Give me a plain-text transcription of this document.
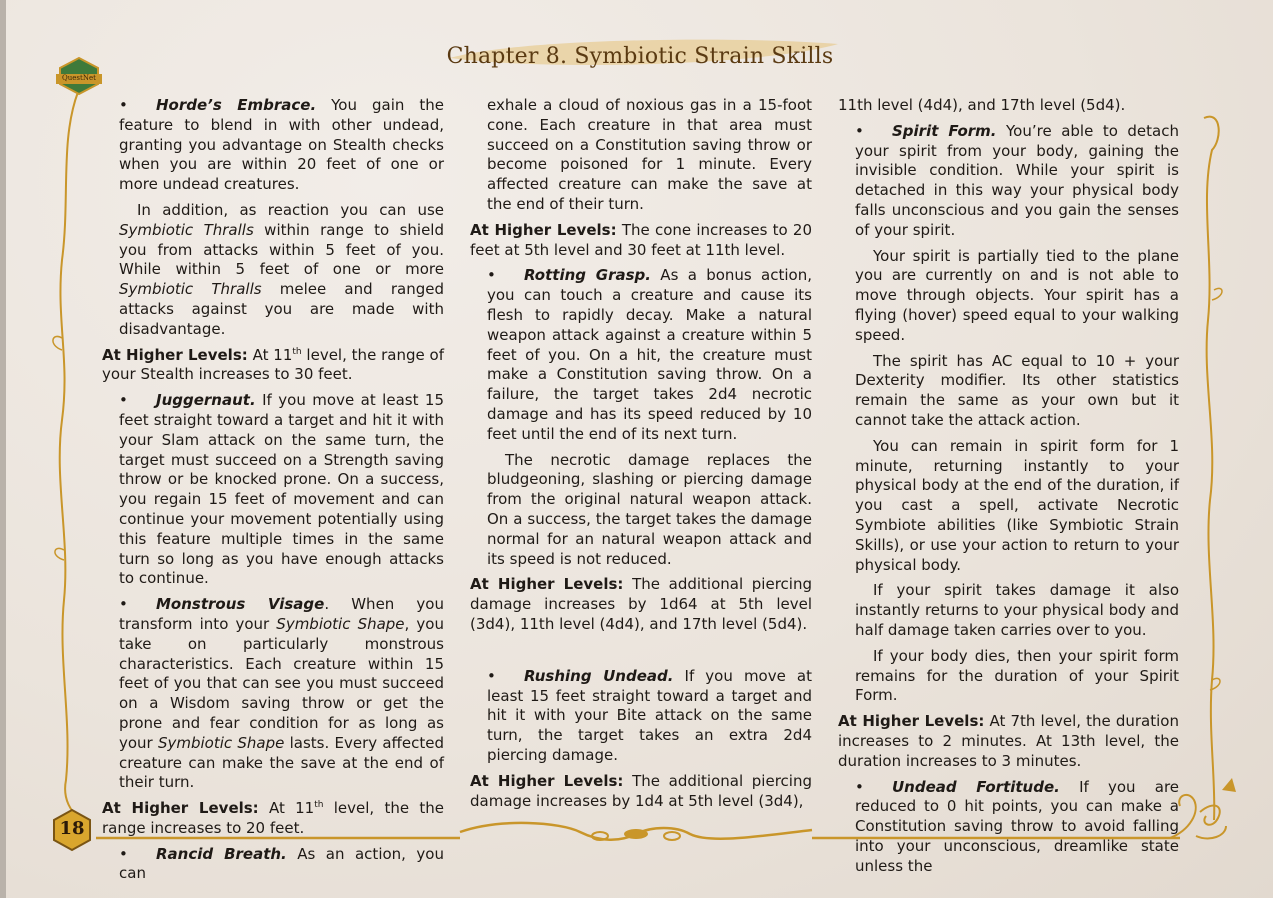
QuestNet
Chapter 8. Symbiotic Strain Skills
•	Horde’s Embrace. You gain the feature to blend in with other undead, granting you advantage on Stealth checks when you are within 20 feet of one or more undead creatures.
In addition, as reaction you can use Symbiotic Thralls within range to shield you from attacks within 5 feet of you. While within 5 feet of one or more Symbiotic Thralls melee and ranged attacks against you are made with disadvantage.
At Higher Levels: At 11th level, the range of your Stealth increases to 30 feet.
•	Juggernaut. If you move at least 15 feet straight toward a target and hit it with your Slam attack on the same turn, the target must succeed on a Strength saving throw or be knocked prone. On a success, you regain 15 feet of movement and can continue your movement potentially using this feature multiple times in the same turn so long as you have enough attacks to continue.
•	Monstrous Visage. When you transform into your Symbiotic Shape, you take on particularly monstrous characteristics. Each creature within 15 feet of you that can see you must succeed on a Wisdom saving throw or get the prone and fear condition for as long as your Symbiotic Shape lasts. Every affected creature can make the save at the end of their turn.
At Higher Levels: At 11th level, the the range increases to 20 feet.
•	Rancid Breath. As an action, you can
exhale a cloud of noxious gas in a 15-foot cone. Each creature in that area must succeed on a Constitution saving throw or become poisoned for 1 minute. Every affected creature can make the save at the end of their turn.
At Higher Levels: The cone increases to 20 feet at 5th level and 30 feet at 11th level.
•	Rotting Grasp. As a bonus action, you can touch a creature and cause its flesh to rapidly decay. Make a natural weapon attack against a creature within 5 feet of you. On a hit, the creature must make a Constitution saving throw. On a failure, the target takes 2d4 necrotic damage and has its speed reduced by 10 feet until the end of its next turn.
The necrotic damage replaces the bludgeoning, slashing or piercing damage from the original natural weapon attack. On a success, the target takes the damage normal for an natural weapon attack and its speed is not reduced.
At Higher Levels: The additional piercing damage increases by 1d64 at 5th level (3d4), 11th level (4d4), and 17th level (5d4).
•	Rushing Undead. If you move at least 15 feet straight toward a target and hit it with your Bite attack on the same turn, the target takes an extra 2d4 piercing damage.
At Higher Levels: The additional piercing damage increases by 1d4 at 5th level (3d4),
11th level (4d4), and 17th level (5d4).
•	Spirit Form. You’re able to detach your spirit from your body, gaining the invisible condition. While your spirit is detached in this way your physical body falls unconscious and you gain the senses of your spirit.
Your spirit is partially tied to the plane you are currently on and is not able to move through objects. Your spirit has a flying (hover) speed equal to your walking speed.
The spirit has AC equal to 10 + your Dexterity modifier. Its other statistics remain the same as your own but it cannot take the attack action.
You can remain in spirit form for 1 minute, returning instantly to your physical body at the end of the duration, if you cast a spell, activate Necrotic Symbiote abilities (like Symbiotic Strain Skills), or use your action to return to your physical body.
If your spirit takes damage it also instantly returns to your physical body and half damage taken carries over to you.
If your body dies, then your spirit form remains for the duration of your Spirit Form.
At Higher Levels: At 7th level, the duration increases to 2 minutes. At 13th level, the duration increases to 3 minutes.
•	Undead Fortitude. If you are reduced to 0 hit points, you can make a Constitution saving throw to avoid falling into your unconscious, dreamlike state unless the
18
